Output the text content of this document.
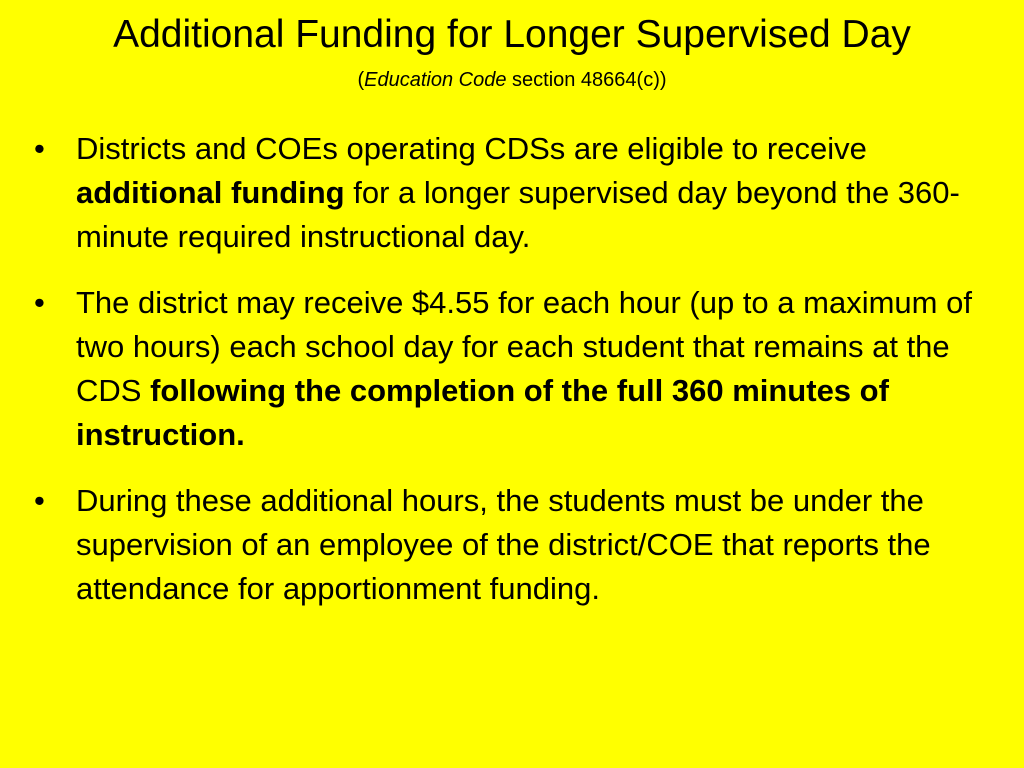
Additional Funding for Longer Supervised Day

(Education Code section 48664(c))

• Districts and COEs operating CDSs are eligible to receive additional funding for a longer supervised day beyond the 360-minute required instructional day.
• The district may receive $4.55 for each hour (up to a maximum of two hours) each school day for each student that remains at the CDS following the completion of the full 360 minutes of instruction.
• During these additional hours, the students must be under the supervision of an employee of the district/COE that reports the attendance for apportionment funding.
